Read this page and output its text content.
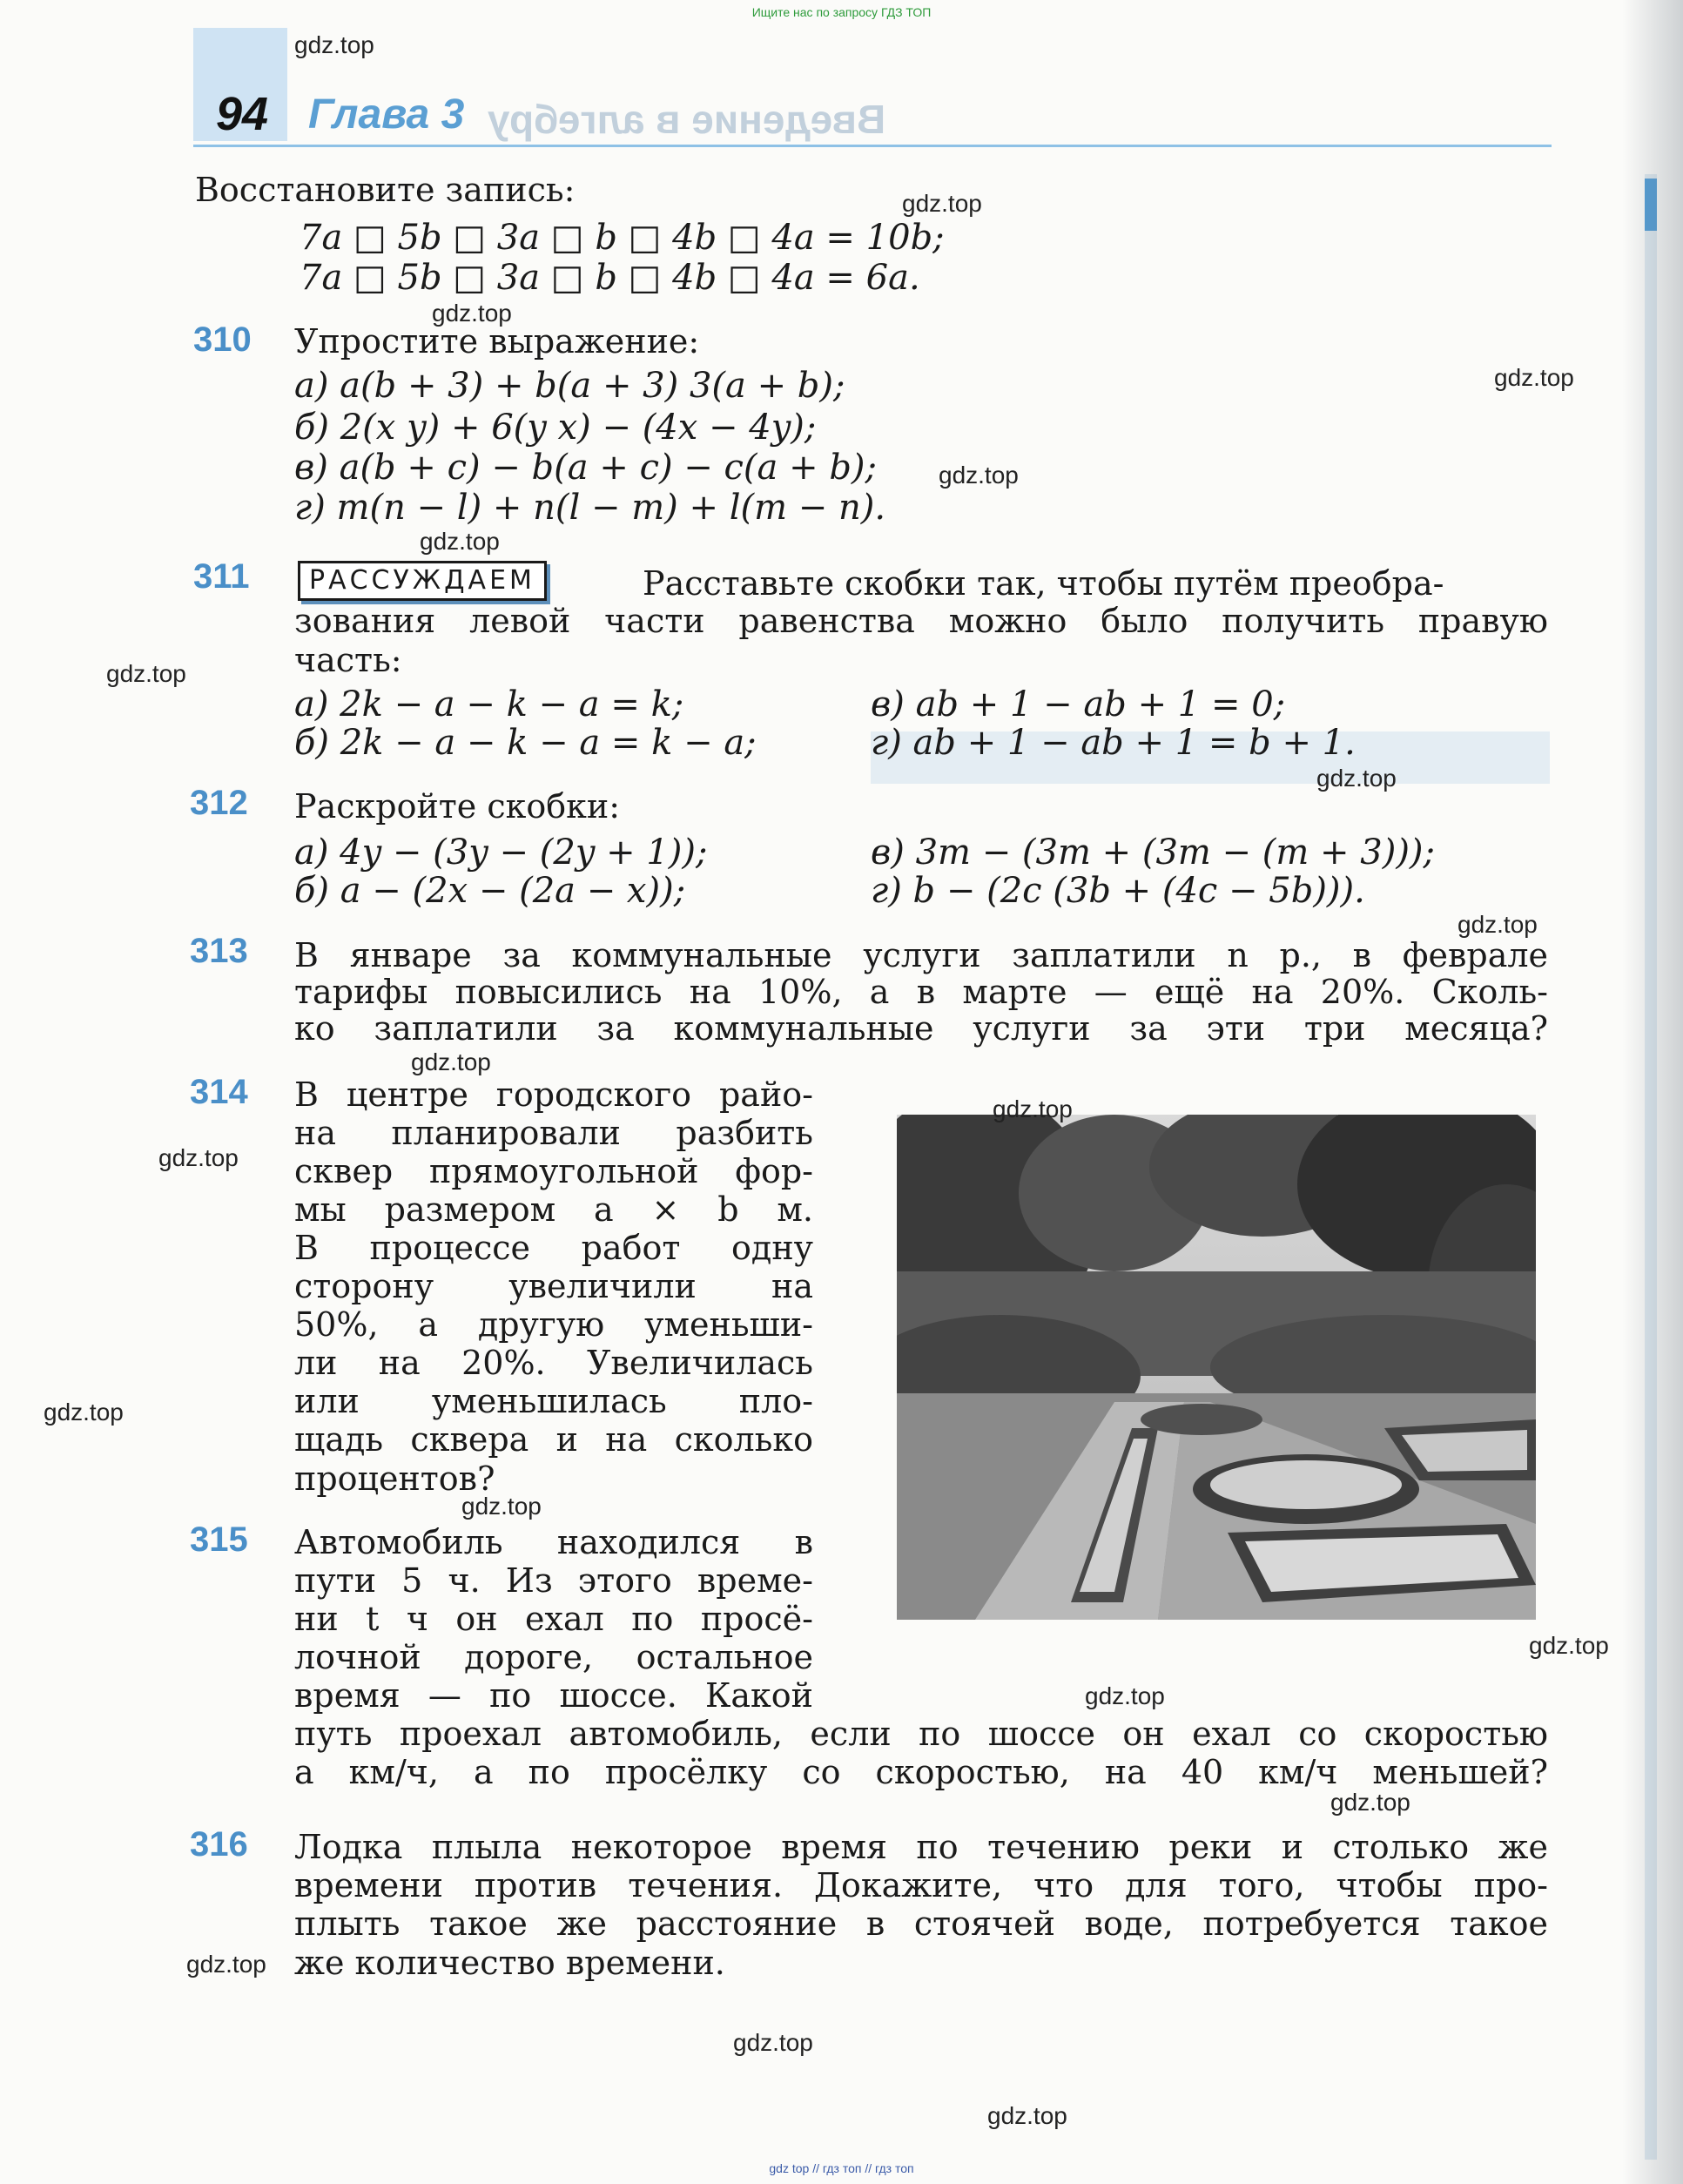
Ищите нас по запросу ГДЗ ТОП
94 Глава 3 Введение в алгебру
Восстановите запись:
7a □ 5b □ 3a □ b □ 4b □ 4a = 10b;
7a □ 5b □ 3a □ b □ 4b □ 4a = 6a.
310 Упростите выражение:
а) a(b + 3) + b(a + 3) 3(a + b);
б) 2(x y) + 6(y x) − (4x − 4y);
в) a(b + c) − b(a + c) − c(a + b);
г) m(n − l) + n(l − m) + l(m − n).
311	РАССУЖДАЕМ	Расставьте скобки так, чтобы путём преобра-
зования левой части равенства можно было получить правую
часть:
а) 2k − a − k − a = k;
б) 2k − a − k − a = k − a;
в) ab + 1 − ab + 1 = 0;
г) ab + 1 − ab + 1 = b + 1.
312 Раскройте скобки:
а) 4y − (3y − (2y + 1));
б) a − (2x − (2a − x));
в) 3m − (3m + (3m − (m + 3)));
г) b − (2c (3b + (4c − 5b))).
313 В январе за коммунальные услуги заплатили n р., в феврале
тарифы повысились на 10%, а в марте — ещё на 20%. Сколь-
ко заплатили за коммунальные услуги за эти три месяца?
314 В центре городского райо-
на планировали разбить
сквер прямоугольной фор-
мы размером a × b м.
В процессе работ одну
сторону увеличили на
50%, а другую уменьши-
ли на 20%. Увеличилась
или уменьшилась пло-
щадь сквера и на сколько
процентов?
315 Автомобиль находился в
пути 5 ч. Из этого време-
ни t ч он ехал по просё-
лочной дороге, остальное
время — по шоссе. Какой
путь проехал автомобиль, если по шоссе он ехал со скоростью
a км/ч, а по просёлку со скоростью, на 40 км/ч меньшей?
316 Лодка плыла некоторое время по течению реки и столько же
времени против течения. Докажите, что для того, чтобы про-
плыть такое же расстояние в стоячей воде, потребуется такое
же количество времени.
gdz.top
gdz.top
gdz.top
gdz.top
gdz.top
gdz.top
gdz.top
gdz.top
gdz.top
gdz.top
gdz.top
gdz.top
gdz.top
gdz.top
gdz.top
gdz.top
gdz.top
gdz.top
gdz.top
gdz.top
gdz top // гдз топ // гдз топ
